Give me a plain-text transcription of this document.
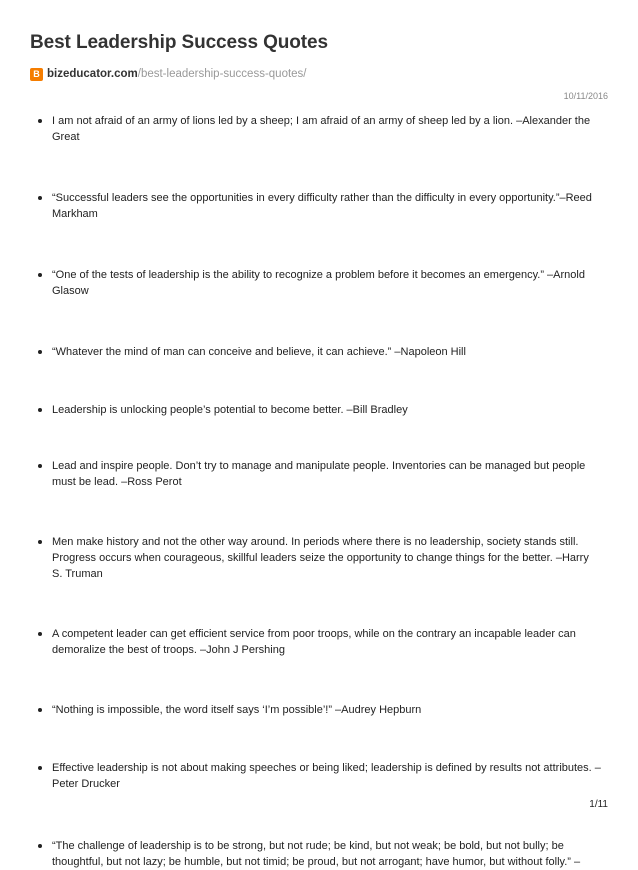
Best Leadership Success Quotes
B bizeducator.com /best-leadership-success-quotes/
10/11/2016
I am not afraid of an army of lions led by a sheep; I am afraid of an army of sheep led by a lion. –Alexander the Great
“Successful leaders see the opportunities in every difficulty rather than the difficulty in every opportunity.”–Reed Markham
“One of the tests of leadership is the ability to recognize a problem before it becomes an emergency.” –Arnold Glasow
“Whatever the mind of man can conceive and believe, it can achieve.” –Napoleon Hill
Leadership is unlocking people’s potential to become better. –Bill Bradley
Lead and inspire people. Don’t try to manage and manipulate people. Inventories can be managed but people must be lead. –Ross Perot
Men make history and not the other way around. In periods where there is no leadership, society stands still. Progress occurs when courageous, skillful leaders seize the opportunity to change things for the better. –Harry S. Truman
A competent leader can get efficient service from poor troops, while on the contrary an incapable leader can demoralize the best of troops. –John J Pershing
“Nothing is impossible, the word itself says ‘I’m possible’!” –Audrey Hepburn
Effective leadership is not about making speeches or being liked; leadership is defined by results not attributes. –Peter Drucker
“The challenge of leadership is to be strong, but not rude; be kind, but not weak; be bold, but not bully; be thoughtful, but not lazy; be humble, but not timid; be proud, but not arrogant; have humor, but without folly.” –
1/11
